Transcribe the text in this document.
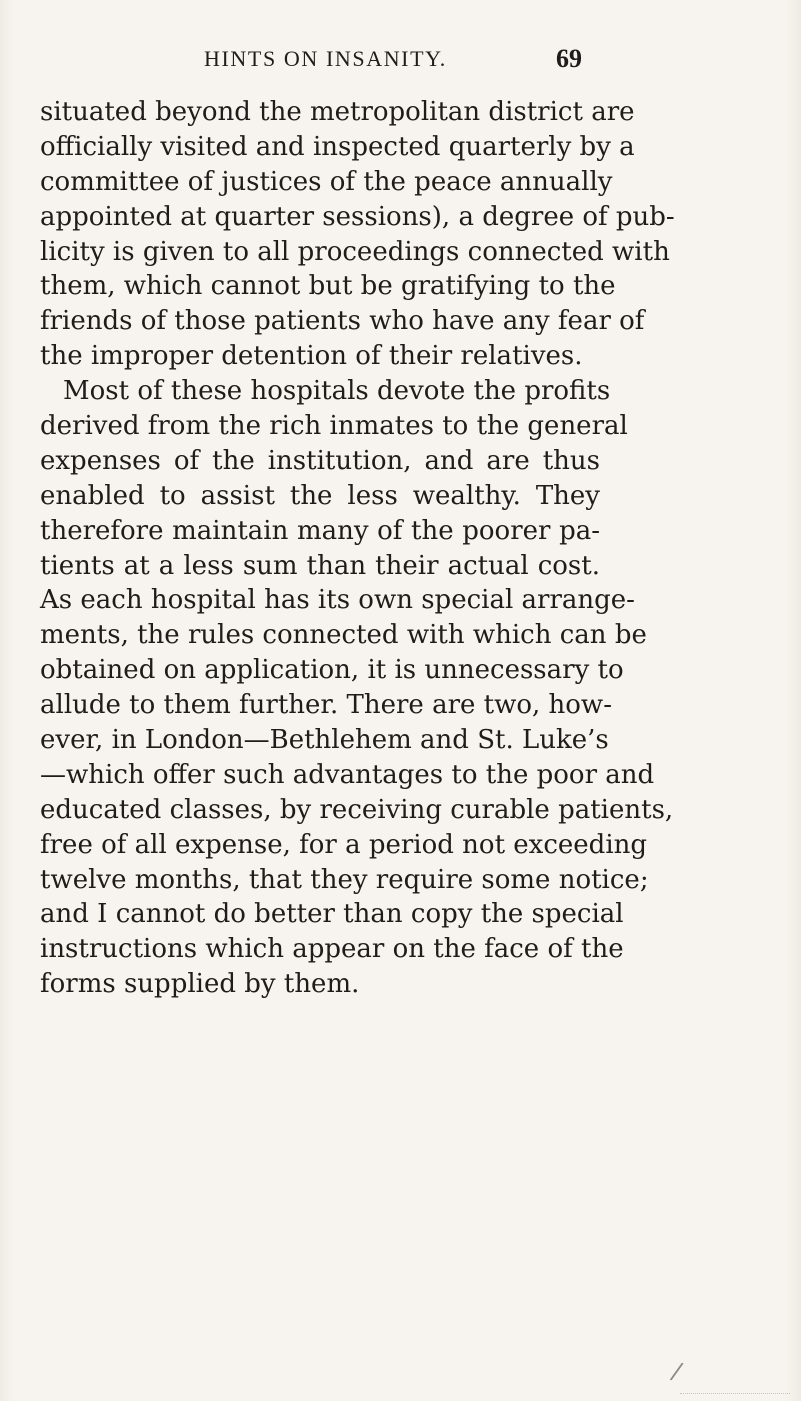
HINTS ON INSANITY.	69
situated beyond the metropolitan district are
officially visited and inspected quarterly by a
committee of justices of the peace annually
appointed at quarter sessions), a degree of pub-
licity is given to all proceedings connected with
them, which cannot but be gratifying to the
friends of those patients who have any fear of
the improper detention of their relatives.
Most of these hospitals devote the profits
derived from the rich inmates to the general
expenses of the institution, and are thus
enabled to assist the less wealthy. They
therefore maintain many of the poorer pa-
tients at a less sum than their actual cost.
As each hospital has its own special arrange-
ments, the rules connected with which can be
obtained on application, it is unnecessary to
allude to them further. There are two, how-
ever, in London—Bethlehem and St. Luke’s
—which offer such advantages to the poor and
educated classes, by receiving curable patients,
free of all expense, for a period not exceeding
twelve months, that they require some notice;
and I cannot do better than copy the special
instructions which appear on the face of the
forms supplied by them.
/
